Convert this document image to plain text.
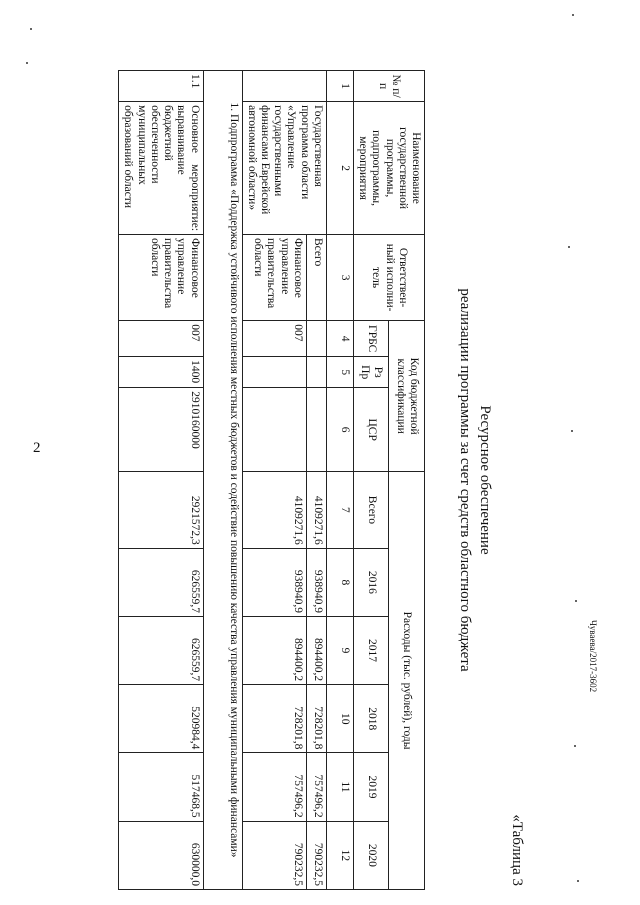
2
Чуваева/2017-3602
«Таблица 3
Ресурсное обеспечение
реализации программы за счет средств областного бюджета
№ п/п	Наименование государственной программы, подпрограммы, мероприятия	Ответствен-ный исполни-тель	Код бюджетной классификации			Расходы (тыс. рублей), годы					
			ГРБС	Рз Пр	ЦСР	Всего	2016	2017	2018	2019	2020
1	2	3	4	5	6	7	8	9	10	11	12
	Государственная программа области «Управление государственными финансами Еврейской автономной области»	Всего				4109271,6	938940,9	894400,2	728201,8	757496,2	790232,5
		Финансовое управление правительства области	007			4109271,6	938940,9	894400,2	728201,8	757496,2	790232,5
1. Подпрограмма «Поддержка устойчивого исполнения местных бюджетов и содействие повышению качества управления муниципальными финансами»											
1.1	Основное мероприятие: выравнивание бюджетной обеспеченности муниципальных образований области	Финансовое управление правительства области	007	1400	2910160000	2921572,3	626559,7	626559,7	520984,4	517468,5	630000,0
